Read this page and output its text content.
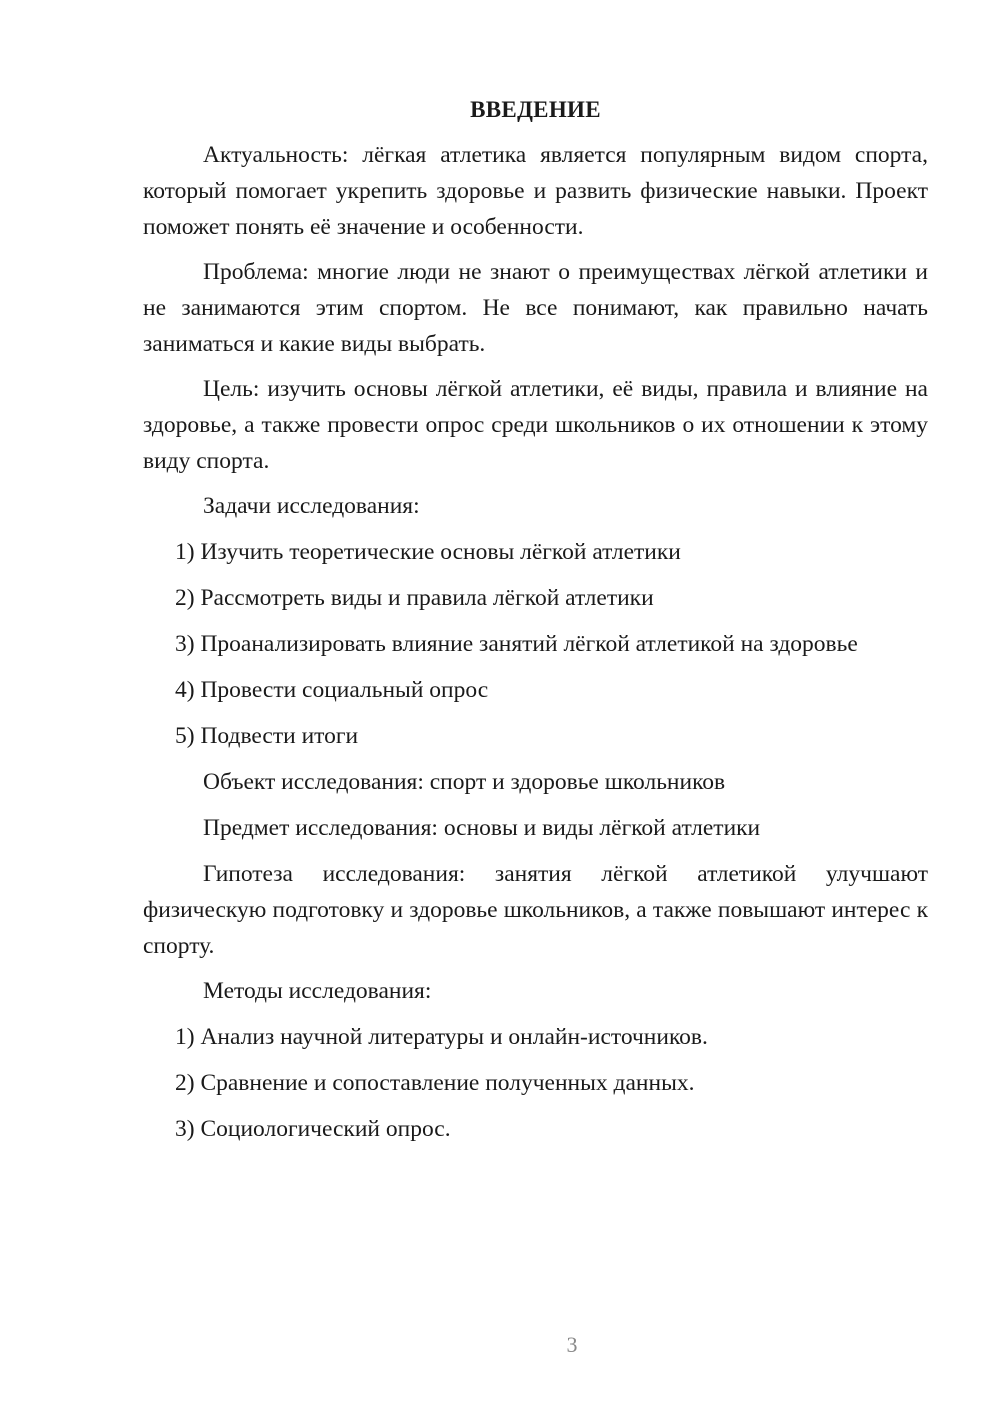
ВВЕДЕНИЕ

Актуальность: лёгкая атлетика является популярным видом спорта, который помогает укрепить здоровье и развить физические навыки. Проект поможет понять её значение и особенности.

Проблема: многие люди не знают о преимуществах лёгкой атлетики и не занимаются этим спортом. Не все понимают, как правильно начать заниматься и какие виды выбрать.

Цель: изучить основы лёгкой атлетики, её виды, правила и влияние на здоровье, а также провести опрос среди школьников о их отношении к этому виду спорта.

Задачи исследования:

1) Изучить теоретические основы лёгкой атлетики

2) Рассмотреть виды и правила лёгкой атлетики

3) Проанализировать влияние занятий лёгкой атлетикой на здоровье

4) Провести социальный опрос

5) Подвести итоги

Объект исследования: спорт и здоровье школьников

Предмет исследования: основы и виды лёгкой атлетики

Гипотеза исследования: занятия лёгкой атлетикой улучшают физическую подготовку и здоровье школьников, а также повышают интерес к спорту.

Методы исследования:

1) Анализ научной литературы и онлайн-источников.

2) Сравнение и сопоставление полученных данных.

3) Социологический опрос.

3
